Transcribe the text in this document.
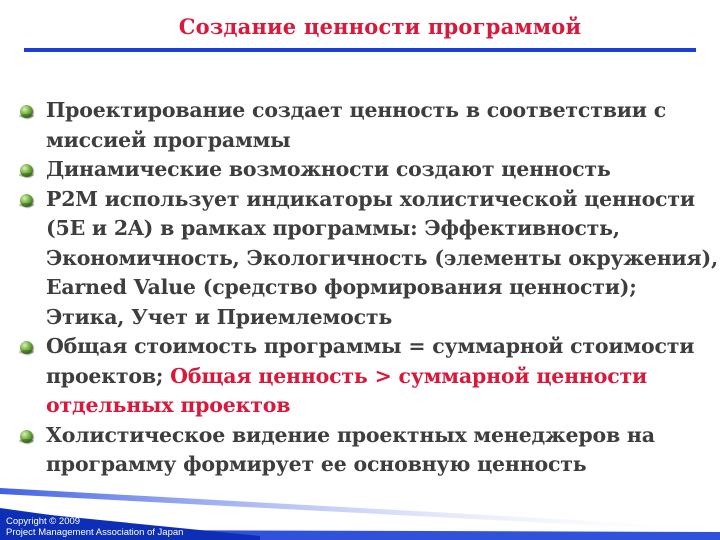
Создание ценности программой
Проектирование создает ценность в соответствии с
миссией программы
Динамические возможности создают ценность
P2M использует индикаторы холистической ценности
(5E и 2A) в рамках программы: Эффективность,
Экономичность, Экологичность (элементы окружения),
Earned Value (средство формирования ценности);
Этика, Учет и Приемлемость
Общая стоимость программы = суммарной стоимости
проектов; Общая ценность > суммарной ценности
отдельных проектов
Холистическое видение проектных менеджеров на
программу формирует ее основную ценность
Copyright © 2009
Project Management Association of Japan
